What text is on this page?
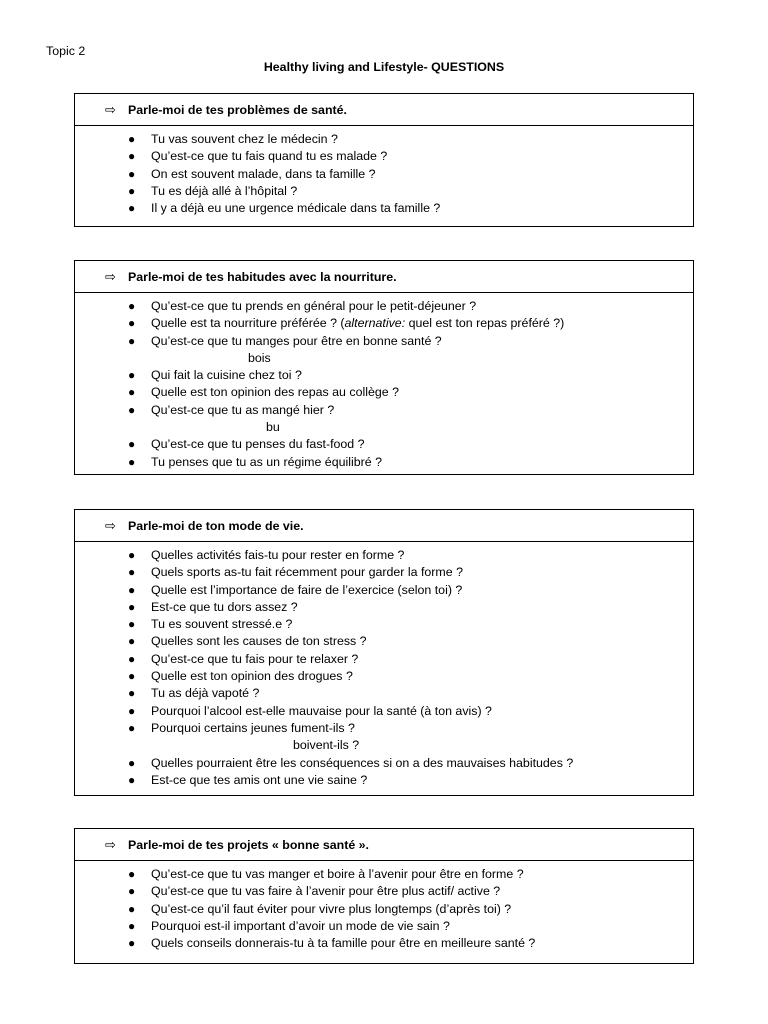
Topic 2
Healthy living and Lifestyle- QUESTIONS
⇨ Parle-moi de tes problèmes de santé.
● Tu vas souvent chez le médecin ?
● Qu’est-ce que tu fais quand tu es malade ?
● On est souvent malade, dans ta famille ?
● Tu es déjà allé à l’hôpital ?
● Il y a déjà eu une urgence médicale dans ta famille ?
⇨ Parle-moi de tes habitudes avec la nourriture.
● Qu’est-ce que tu prends en général pour le petit-déjeuner ?
● Quelle est ta nourriture préférée ? (alternative: quel est ton repas préféré ?)
● Qu’est-ce que tu manges pour être en bonne santé ?
bois
● Qui fait la cuisine chez toi ?
● Quelle est ton opinion des repas au collège ?
● Qu’est-ce que tu as mangé hier ?
bu
● Qu’est-ce que tu penses du fast-food ?
● Tu penses que tu as un régime équilibré ?
⇨ Parle-moi de ton mode de vie.
● Quelles activités fais-tu pour rester en forme ?
● Quels sports as-tu fait récemment pour garder la forme ?
● Quelle est l’importance de faire de l’exercice (selon toi) ?
● Est-ce que tu dors assez ?
● Tu es souvent stressé.e ?
● Quelles sont les causes de ton stress ?
● Qu’est-ce que tu fais pour te relaxer ?
● Quelle est ton opinion des drogues ?
● Tu as déjà vapoté ?
● Pourquoi l’alcool est-elle mauvaise pour la santé (à ton avis) ?
● Pourquoi certains jeunes fument-ils ?
boivent-ils ?
● Quelles pourraient être les conséquences si on a des mauvaises habitudes ?
● Est-ce que tes amis ont une vie saine ?
⇨ Parle-moi de tes projets « bonne santé ».
● Qu’est-ce que tu vas manger et boire à l’avenir pour être en forme ?
● Qu’est-ce que tu vas faire à l’avenir pour être plus actif/ active ?
● Qu’est-ce qu’il faut éviter pour vivre plus longtemps (d’après toi) ?
● Pourquoi est-il important d’avoir un mode de vie sain ?
● Quels conseils donnerais-tu à ta famille pour être en meilleure santé ?
